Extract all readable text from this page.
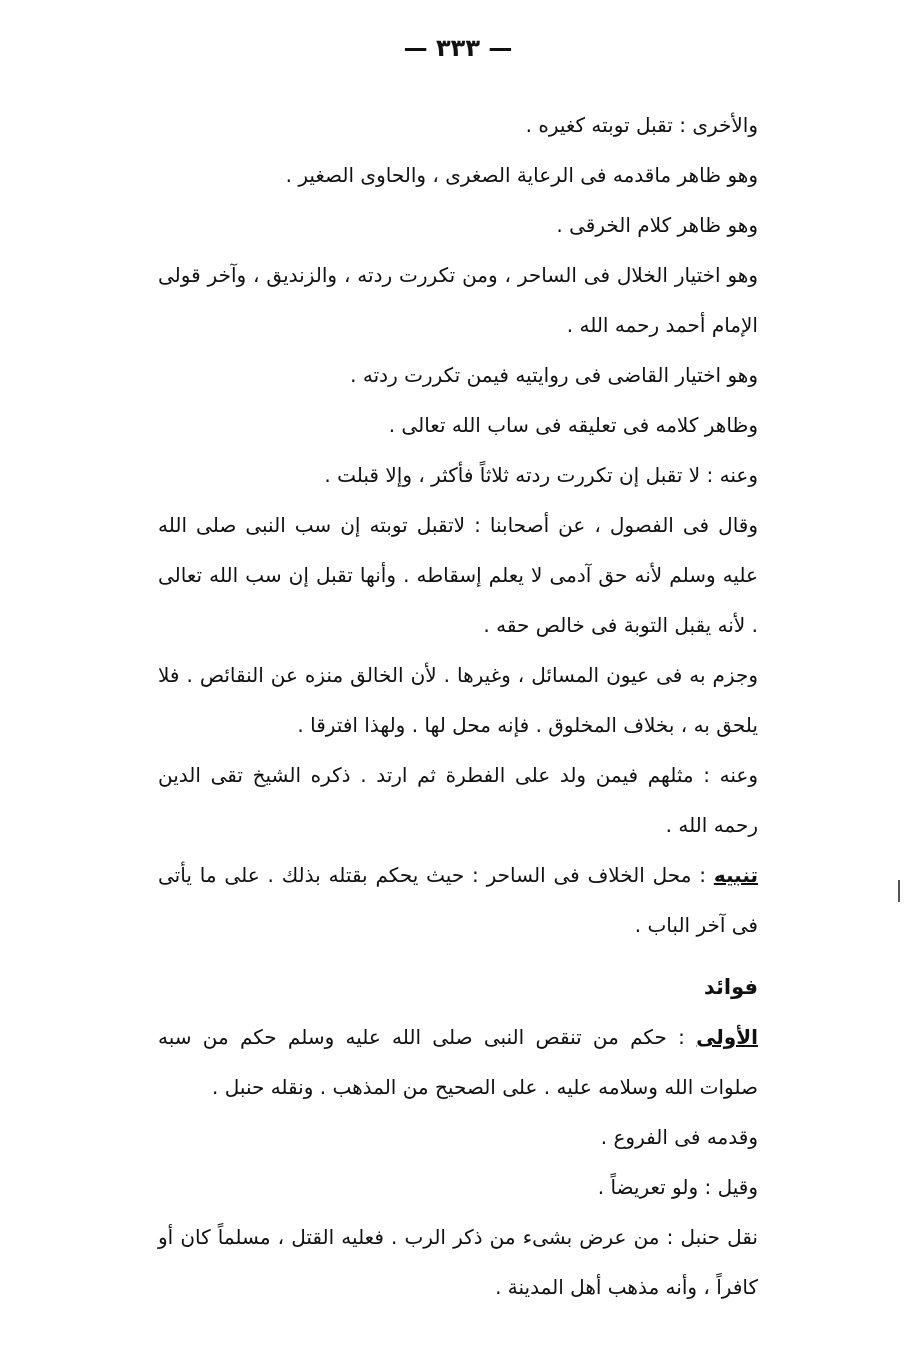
— ٣٣٣ —

والأخرى : تقبل توبته كغيره .

وهو ظاهر ماقدمه فى الرعاية الصغرى ، والحاوى الصغير .

وهو ظاهر كلام الخرقى .

وهو اختيار الخلال فى الساحر ، ومن تكررت ردته ، والزنديق ، وآخر قولى الإمام أحمد رحمه الله .

وهو اختيار القاضى فى روايتيه فيمن تكررت ردته .

وظاهر كلامه فى تعليقه فى ساب الله تعالى .

وعنه : لا تقبل إن تكررت ردته ثلاثاً فأكثر ، وإلا قبلت .

وقال فى الفصول ، عن أصحابنا : لاتقبل توبته إن سب النبى صلى الله عليه وسلم لأنه حق آدمى لا يعلم إسقاطه . وأنها تقبل إن سب الله تعالى . لأنه يقبل التوبة فى خالص حقه .

وجزم به فى عيون المسائل ، وغيرها . لأن الخالق منزه عن النقائص . فلا يلحق به ، بخلاف المخلوق . فإنه محل لها . ولهذا افترقا .

وعنه : مثلهم فيمن ولد على الفطرة ثم ارتد . ذكره الشيخ تقى الدين رحمه الله .

تنبيه : محل الخلاف فى الساحر : حيث يحكم بقتله بذلك . على ما يأتى فى آخر الباب .

فوائد

الأولى : حكم من تنقص النبى صلى الله عليه وسلم حكم من سبه صلوات الله وسلامه عليه . على الصحيح من المذهب . ونقله حنبل .

وقدمه فى الفروع .

وقيل : ولو تعريضاً .

نقل حنبل : من عرض بشىء من ذكر الرب . فعليه القتل ، مسلماً كان أو كافراً ، وأنه مذهب أهل المدينة .
